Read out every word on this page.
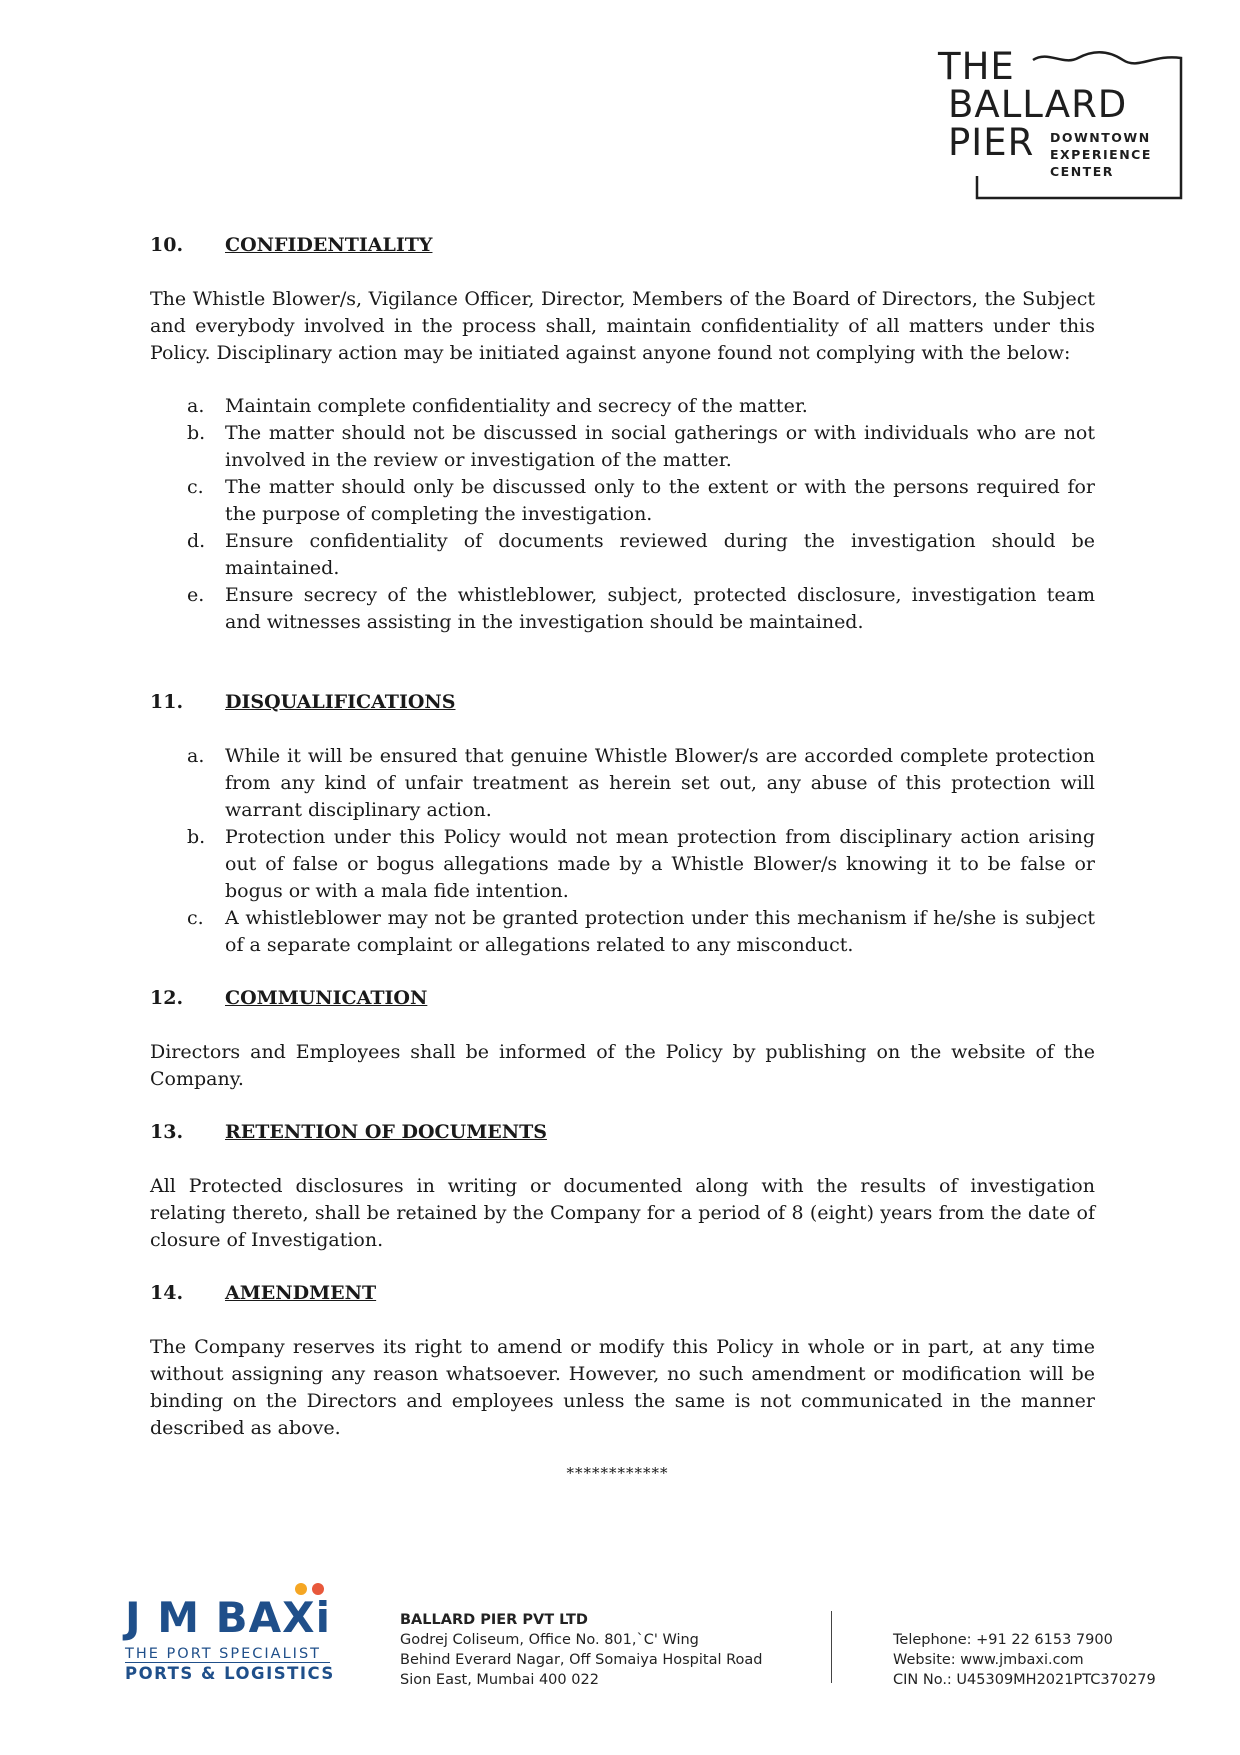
THE
BALLARD
PIER DOWNTOWN
EXPERIENCE
CENTER
10.	CONFIDENTIALITY

The Whistle Blower/s, Vigilance Officer, Director, Members of the Board of Directors, the Subject and everybody involved in the process shall, maintain confidentiality of all matters under this Policy. Disciplinary action may be initiated against anyone found not complying with the below:

a.	Maintain complete confidentiality and secrecy of the matter.
b.	The matter should not be discussed in social gatherings or with individuals who are not involved in the review or investigation of the matter.
c.	The matter should only be discussed only to the extent or with the persons required for the purpose of completing the investigation.
d.	Ensure confidentiality of documents reviewed during the investigation should be maintained.
e.	Ensure secrecy of the whistleblower, subject, protected disclosure, investigation team and witnesses assisting in the investigation should be maintained.
11.	DISQUALIFICATIONS
a.	While it will be ensured that genuine Whistle Blower/s are accorded complete protection from any kind of unfair treatment as herein set out, any abuse of this protection will warrant disciplinary action.
b.	Protection under this Policy would not mean protection from disciplinary action arising out of false or bogus allegations made by a Whistle Blower/s knowing it to be false or bogus or with a mala fide intention.
c.	A whistleblower may not be granted protection under this mechanism if he/she is subject of a separate complaint or allegations related to any misconduct.
12.	COMMUNICATION

Directors and Employees shall be informed of the Policy by publishing on the website of the Company.

13.	RETENTION OF DOCUMENTS

All Protected disclosures in writing or documented along with the results of investigation relating thereto, shall be retained by the Company for a period of 8 (eight) years from the date of closure of Investigation.

14.	AMENDMENT

The Company reserves its right to amend or modify this Policy in whole or in part, at any time without assigning any reason whatsoever. However, no such amendment or modification will be binding on the Directors and employees unless the same is not communicated in the manner described as above.

************
J M BAXi
THE PORT SPECIALIST
PORTS & LOGISTICS
BALLARD PIER PVT LTD
Godrej Coliseum, Office No. 801,`C' Wing
Behind Everard Nagar, Off Somaiya Hospital Road
Sion East, Mumbai 400 022
Telephone: +91 22 6153 7900
Website: www.jmbaxi.com
CIN No.: U45309MH2021PTC370279
